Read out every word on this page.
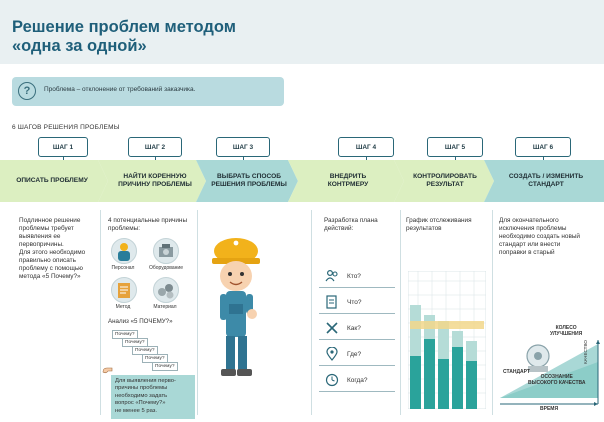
Решение проблем методом
«одна за одной»
?	Проблема – отклонение от требований заказчика.
6 ШАГОВ РЕШЕНИЯ ПРОБЛЕМЫ
ШАГ 1	ШАГ 2	ШАГ 3	ШАГ 4	ШАГ 5	ШАГ 6
ОПИСАТЬ ПРОБЛЕМУ
НАЙТИ КОРЕННУЮ
ПРИЧИНУ ПРОБЛЕМЫ
ВЫБРАТЬ СПОСОБ
РЕШЕНИЯ ПРОБЛЕМЫ
ВНЕДРИТЬ
КОНТРМЕРУ
КОНТРОЛИРОВАТЬ
РЕЗУЛЬТАТ
СОЗДАТЬ / ИЗМЕНИТЬ
СТАНДАРТ
Подлинное решение
проблемы требует
выявления ее
первопричины.
Для этого необходимо
правильно описать
проблему с помощью
метода «5 Почему?»
4 потенциальные причины
проблемы:
Персонал	Оборудование
Метод	Материал
Анализ «5 ПОЧЕМУ?»
Почему?
Почему?
Почему?
Почему?
Почему?
Для выявления перво-
причины проблемы
необходимо задать
вопрос «Почему?»
не менее 5 раз.
Разработка плана
действий:
Кто?
Что?
Как?
Где?
Когда?
График отслеживания
результатов
Для окончательного
исключения проблемы
необходимо создать новый
стандарт или внести
поправки в старый
КОЛЕСО
УЛУЧШЕНИЯ
СТАНДАРТ
ОСОЗНАНИЕ
ВЫСОКОГО КАЧЕСТВА
ВРЕМЯ
КАЧЕСТВО
